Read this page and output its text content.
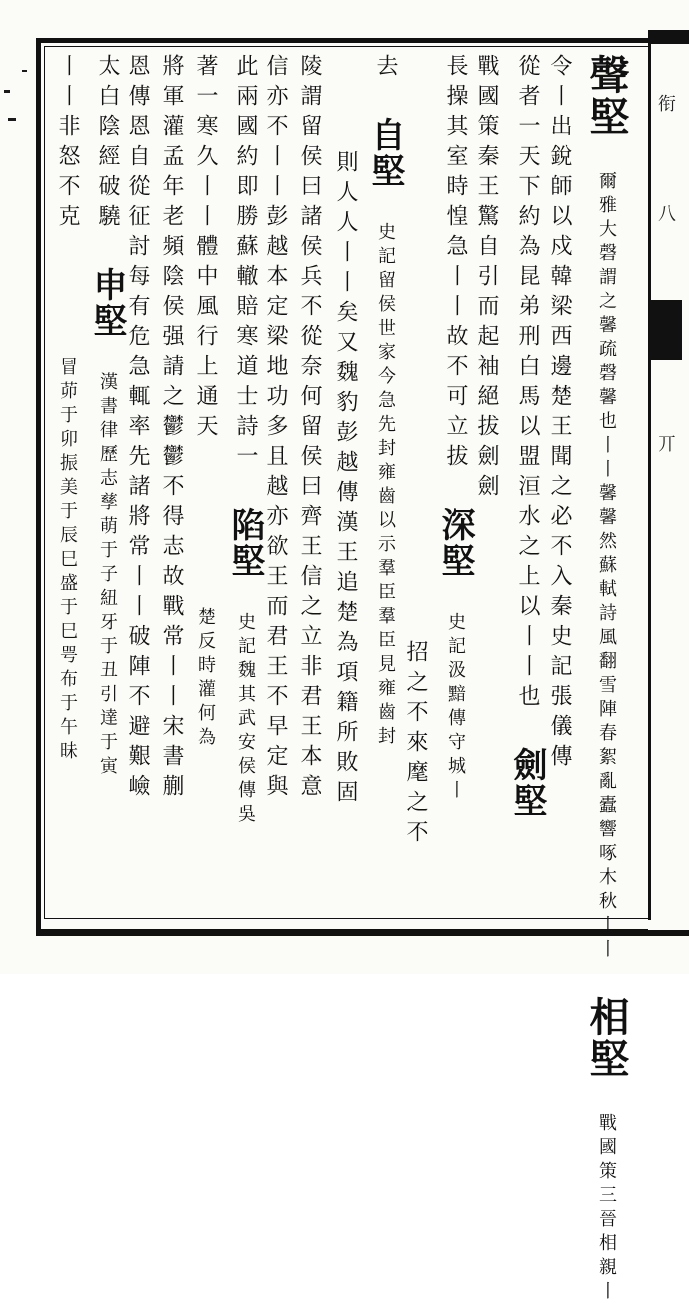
衔
八
丌
聲堅 爾雅大磬謂之馨疏磬馨也丨丨馨馨然蘇軾詩風翻雪陣春絮亂蠹響啄木秋丨丨 相堅 戰國策三晉相親丨
令丨出銳師以戍韓梁西邊楚王聞之必不入秦史記張儀傳
從者一天下約為昆弟刑白馬以盟洹水之上以丨丨也 劍堅
戰國策秦王驚自引而起袖絕拔劍劍
長操其室時惶急丨丨故不可立拔 深堅 史記汲黯傳守城丨
招之不來麾之不
去 自堅 史記留侯世家今急先封雍齒以示羣臣羣臣見雍齒封
則人人丨丨矣又魏豹彭越傳漢王追楚為項籍所敗固
陵謂留侯曰諸侯兵不從奈何留侯曰齊王信之立非君王本意
信亦不丨丨彭越本定梁地功多且越亦欲王而君王不早定與
此兩國約即勝蘇轍賠寒道士詩一 陷堅 史記魏其武安侯傳吳
著一寒久丨丨體中風行上通天 楚反時灌何為
將軍灌孟年老頻陰侯强請之鬱鬱不得志故戰常丨丨宋書蒯
恩傳恩自從征討每有危急輒率先諸將常丨丨破陣不避艱嶮
太白陰經破驍 申堅 漢書律歷志孳萌于子紐牙于丑引達于寅
丨丨非怒不克 冒茆于卯振美于辰巳盛于巳咢布于午昧
